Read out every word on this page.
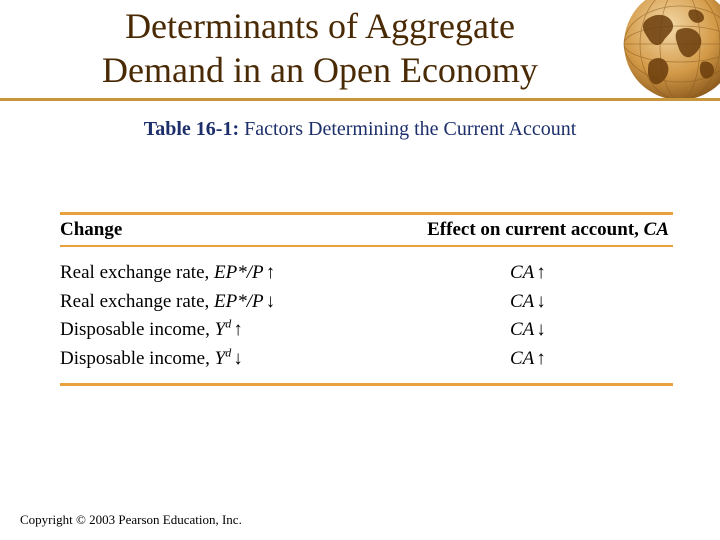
Determinants of Aggregate
Demand in an Open Economy
Table 16-1: Factors Determining the Current Account
Change	Effect on current account, CA
Real exchange rate, EP*/P ↑	CA ↑
Real exchange rate, EP*/P ↓	CA ↓
Disposable income, $Y^d$ ↑	CA ↓
Disposable income, $Y^d$ ↓	CA ↑
Copyright © 2003 Pearson Education, Inc.
